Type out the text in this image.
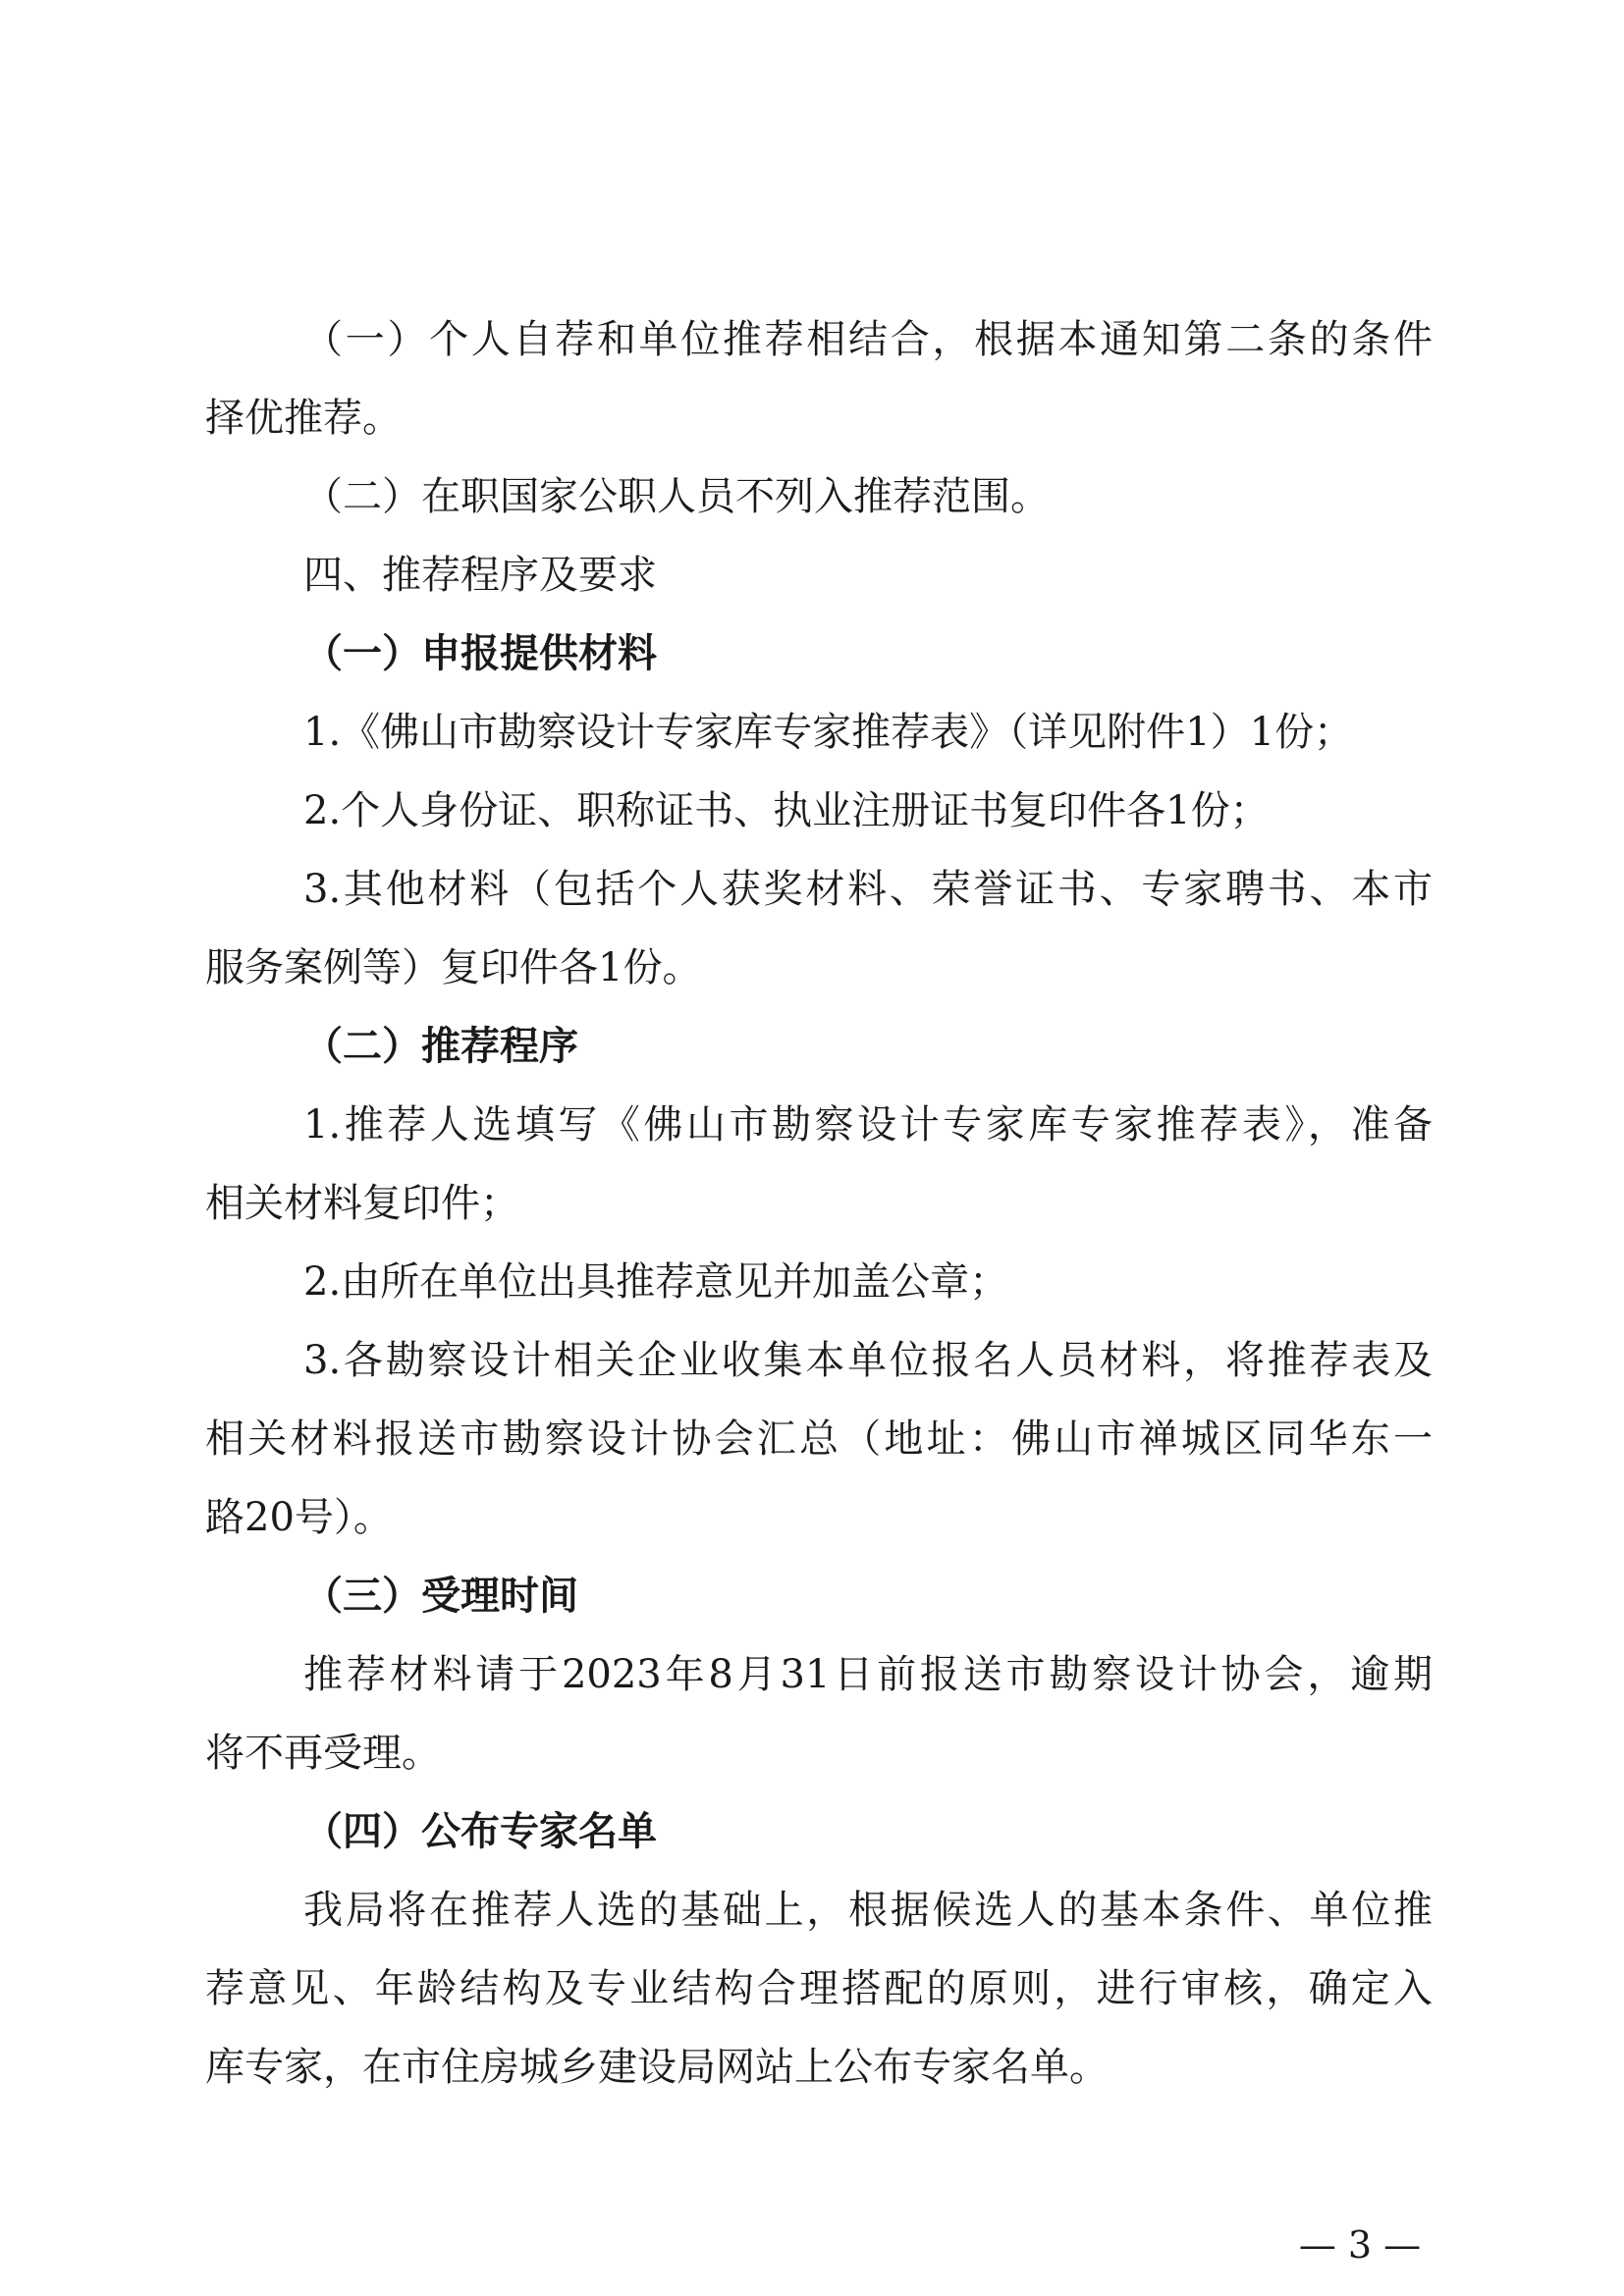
（一）个人自荐和单位推荐相结合，根据本通知第二条的条件
择优推荐。
（二）在职国家公职人员不列入推荐范围。
四、推荐程序及要求
（一）申报提供材料
1.《佛山市勘察设计专家库专家推荐表》（详见附件1）1份；
2.个人身份证、职称证书、执业注册证书复印件各1份；
3.其他材料（包括个人获奖材料、荣誉证书、专家聘书、本市
服务案例等）复印件各1份。
（二）推荐程序
1.推荐人选填写《佛山市勘察设计专家库专家推荐表》，准备
相关材料复印件；
2.由所在单位出具推荐意见并加盖公章；
3.各勘察设计相关企业收集本单位报名人员材料，将推荐表及
相关材料报送市勘察设计协会汇总（地址：佛山市禅城区同华东一
路20号）。
（三）受理时间
推荐材料请于2023年8月31日前报送市勘察设计协会，逾期
将不再受理。
（四）公布专家名单
我局将在推荐人选的基础上，根据候选人的基本条件、单位推
荐意见、年龄结构及专业结构合理搭配的原则，进行审核，确定入
库专家，在市住房城乡建设局网站上公布专家名单。
— 3 —
